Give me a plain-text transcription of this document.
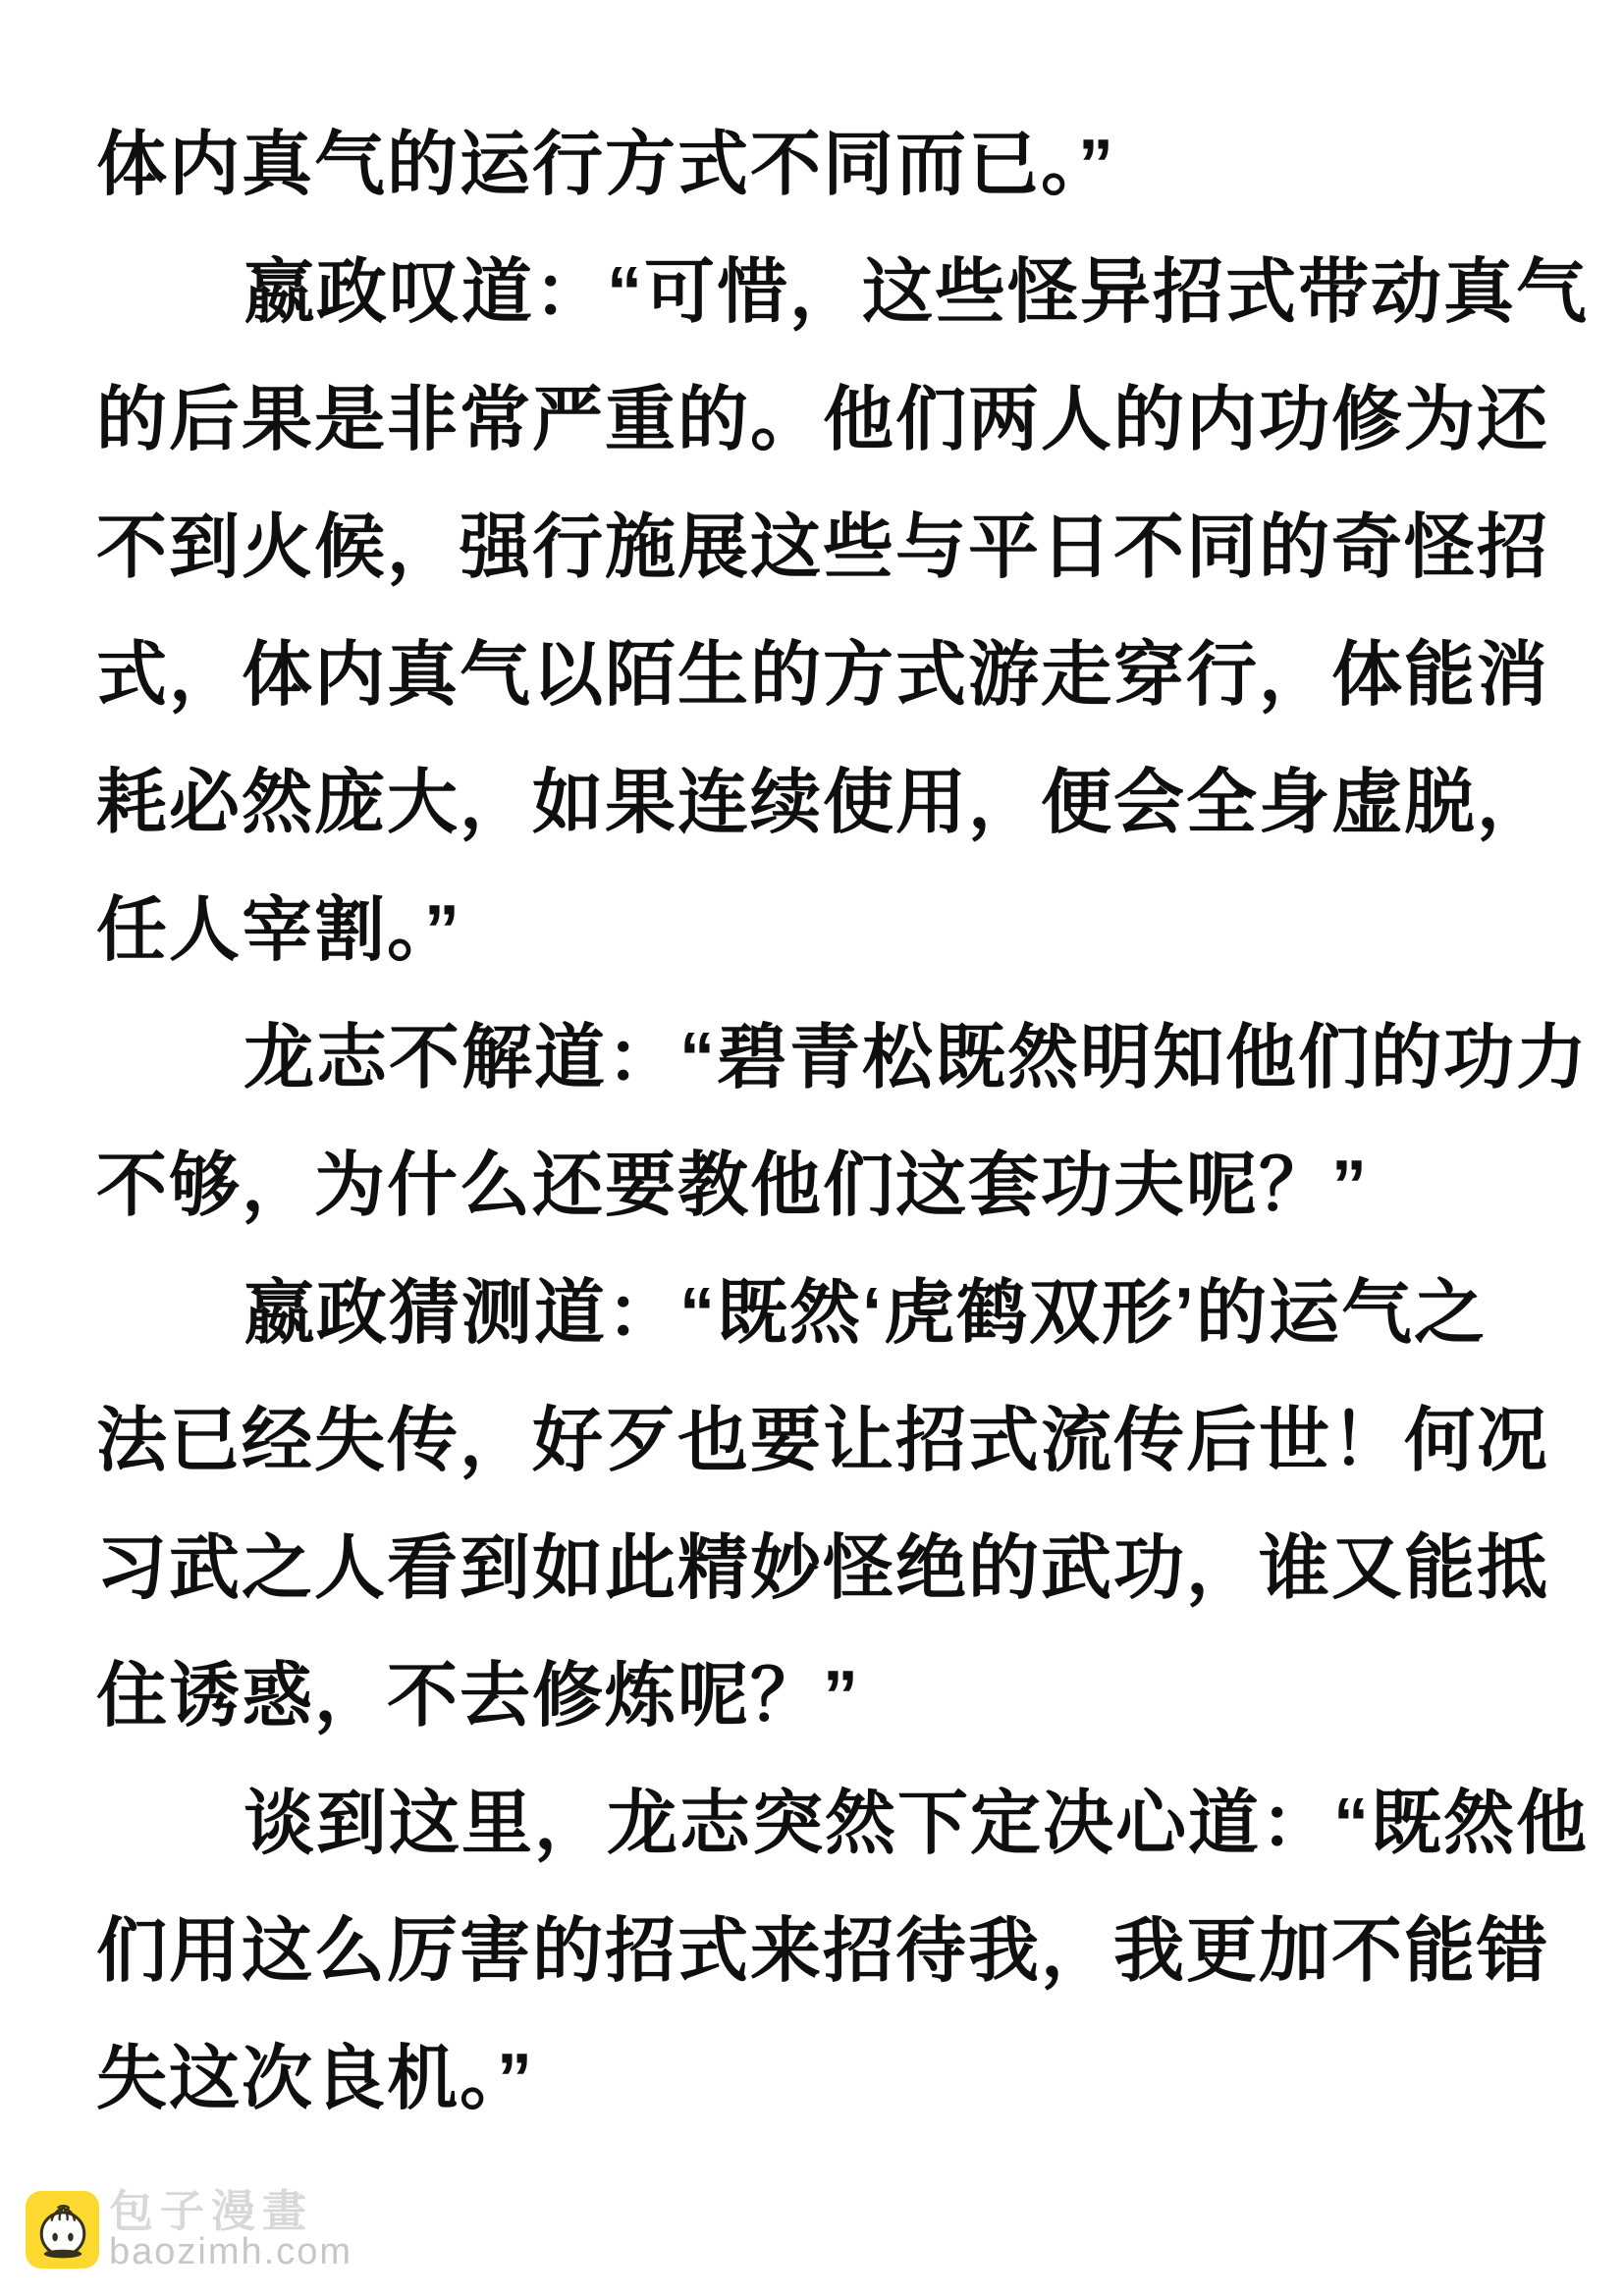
体内真气的运行方式不同而已。”
嬴政叹道：“可惜，这些怪异招式带动真气
的后果是非常严重的。他们两人的内功修为还
不到火候，强行施展这些与平日不同的奇怪招
式，体内真气以陌生的方式游走穿行，体能消
耗必然庞大，如果连续使用，便会全身虚脱，
任人宰割。”
龙志不解道：“碧青松既然明知他们的功力
不够，为什么还要教他们这套功夫呢？”
嬴政猜测道：“既然‘虎鹤双形’的运气之
法已经失传，好歹也要让招式流传后世！何况
习武之人看到如此精妙怪绝的武功，谁又能抵
住诱惑，不去修炼呢？”
谈到这里，龙志突然下定决心道：“既然他
们用这么厉害的招式来招待我，我更加不能错
失这次良机。”
包子漫畫
baozimh.com
